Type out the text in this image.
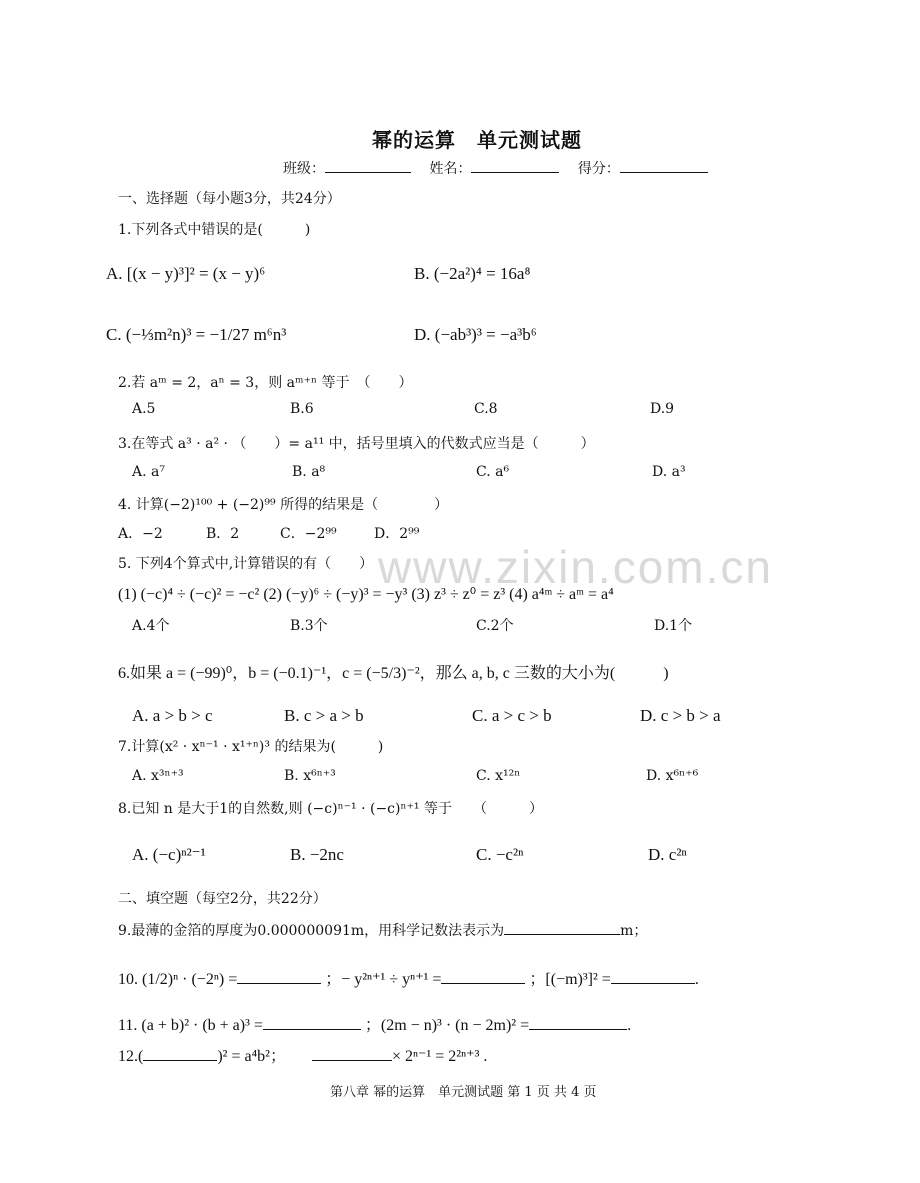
幂的运算　单元测试题
班级：	姓名：	得分：
一、选择题（每小题3分，共24分）
1.下列各式中错误的是(　　　)
A. [(x − y)³]² = (x − y)⁶	B. (−2a²)⁴ = 16a⁸
C. (−⅓m²n)³ = −1/27 m⁶n³	D. (−ab³)³ = −a³b⁶
2.若 aᵐ = 2，aⁿ = 3，则 aᵐ⁺ⁿ 等于　（　　）
A.5	B.6	C.8	D.9
3.在等式 a³ · a² · （　　）= a¹¹ 中，括号里填入的代数式应当是（　　　）
A. a⁷	B. a⁸	C. a⁶	D. a³
4. 计算(−2)¹⁰⁰ + (−2)⁹⁹ 所得的结果是（　　　　）
A．−2	B．2	C．−2⁹⁹	D．2⁹⁹
www.zixin.com.cn
5. 下列4个算式中,计算错误的有（　　）
(1) (−c)⁴ ÷ (−c)² = −c² (2) (−y)⁶ ÷ (−y)³ = −y³ (3) z³ ÷ z⁰ = z³ (4) a⁴ᵐ ÷ aᵐ = a⁴
A.4个	B.3个	C.2个	D.1个
6.如果 a = (−99)⁰，b = (−0.1)⁻¹，c = (−5/3)⁻²，那么 a, b, c 三数的大小为(　　　)
A. a > b > c	B. c > a > b	C. a > c > b	D. c > b > a
7.计算(x² · xⁿ⁻¹ · x¹⁺ⁿ)³ 的结果为(　　　)
A. x³ⁿ⁺³	B. x⁶ⁿ⁺³	C. x¹²ⁿ	D. x⁶ⁿ⁺⁶
8.已知 n 是大于1的自然数,则 (−c)ⁿ⁻¹ · (−c)ⁿ⁺¹ 等于　　（　　　）
A. (−c)ⁿ²⁻¹	B. −2nc	C. −c²ⁿ	D. c²ⁿ
二、填空题（每空2分，共22分）
9.最薄的金箔的厚度为0.000000091m，用科学记数法表示为	m；
10. (1/2)ⁿ · (−2ⁿ) =	；− y²ⁿ⁺¹ ÷ yⁿ⁺¹ =	；[(−m)³]² =	.
11. (a + b)² · (b + a)³ =	；(2m − n)³ · (n − 2m)² =	.
12.(	)² = a⁴b²；	× 2ⁿ⁻¹ = 2²ⁿ⁺³ .
第八章 幂的运算　单元测试题 第 1 页 共 4 页
